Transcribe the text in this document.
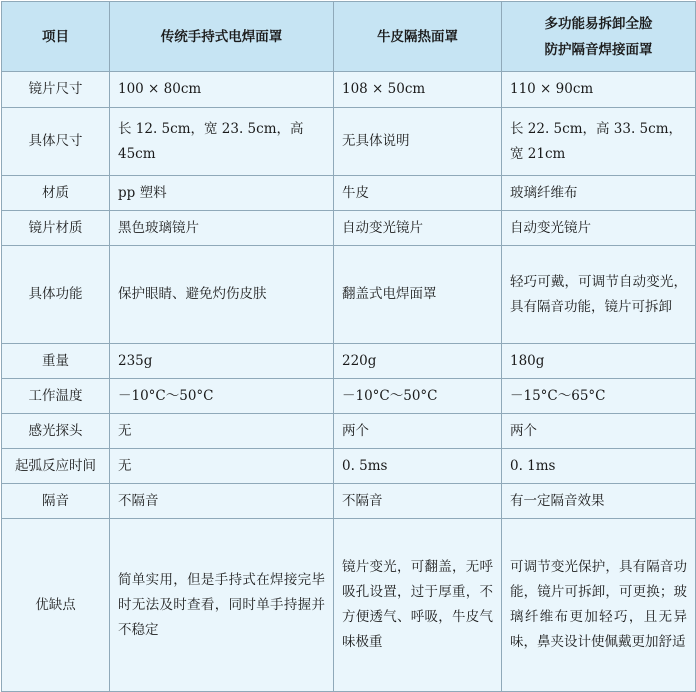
项目	传统手持式电焊面罩	牛皮隔热面罩	多功能易拆卸全脸
防护隔音焊接面罩
镜片尺寸	100 × 80cm	108 × 50cm	110 × 90cm
具体尺寸	长 12. 5cm，宽 23. 5cm，高 45cm	无具体说明	长 22. 5cm，高 33. 5cm，宽 21cm
材质	pp 塑料	牛皮	玻璃纤维布
镜片材质	黑色玻璃镜片	自动变光镜片	自动变光镜片
具体功能	保护眼睛、避免灼伤皮肤	翻盖式电焊面罩	轻巧可戴，可调节自动变光，具有隔音功能，镜片可拆卸
重量	235g	220g	180g
工作温度	－10°C～50°C	－10°C～50°C	－15°C～65°C
感光探头	无	两个	两个
起弧反应时间	无	0. 5ms	0. 1ms
隔音	不隔音	不隔音	有一定隔音效果
优缺点	简单实用，但是手持式在焊接完毕时无法及时查看，同时单手持握并不稳定	镜片变光，可翻盖，无呼吸孔设置，过于厚重，不方便透气、呼吸，牛皮气味极重	可调节变光保护，具有隔音功能，镜片可拆卸，可更换；玻璃纤维布更加轻巧，且无异味，鼻夹设计使佩戴更加舒适
